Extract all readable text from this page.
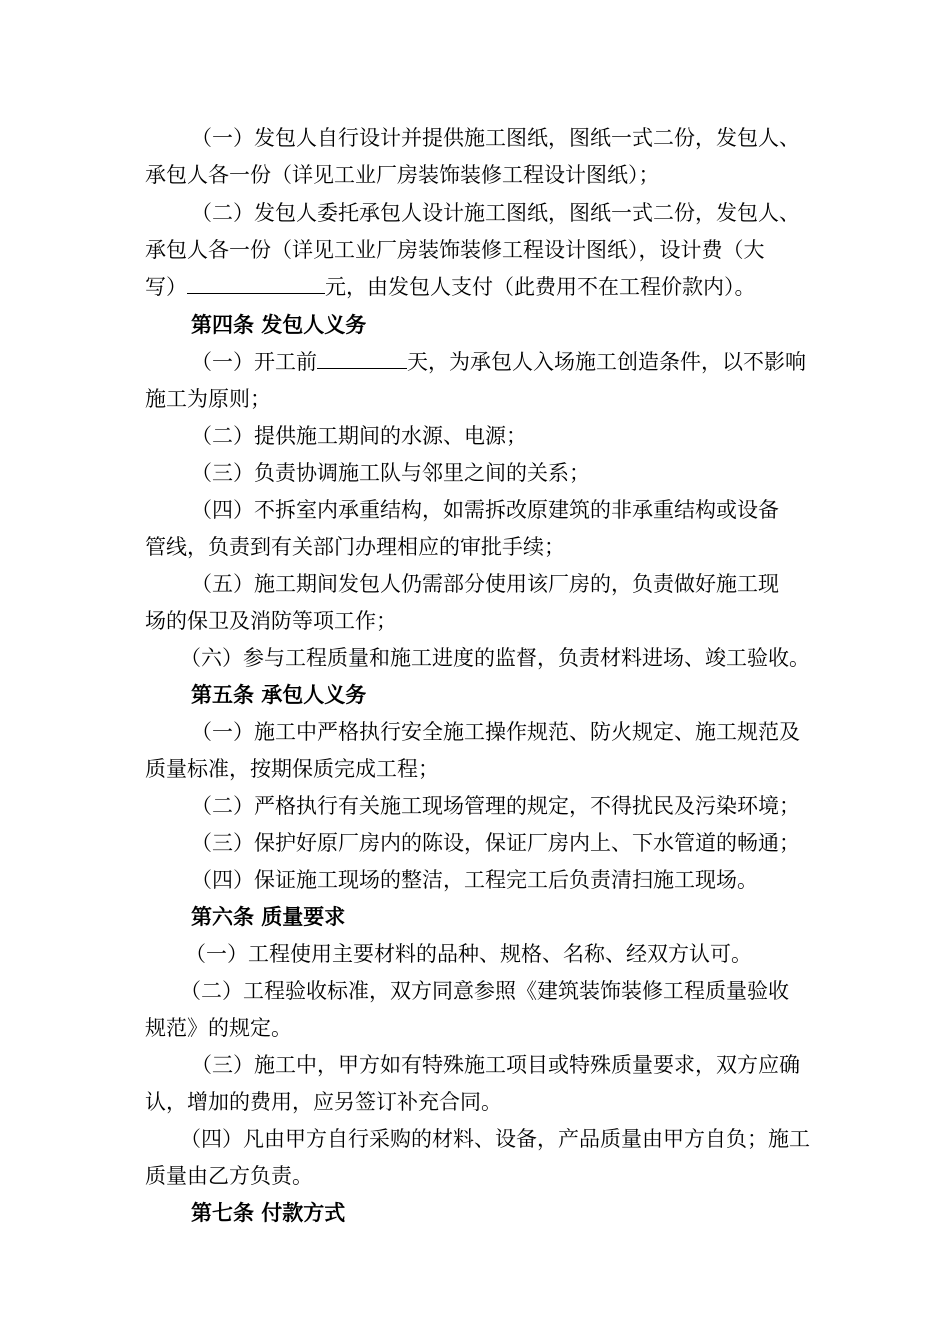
（一）发包人自行设计并提供施工图纸，图纸一式二份，发包人、

承包人各一份（详见工业厂房装饰装修工程设计图纸）；

（二）发包人委托承包人设计施工图纸，图纸一式二份，发包人、

承包人各一份（详见工业厂房装饰装修工程设计图纸），设计费（大

写）	元，由发包人支付（此费用不在工程价款内）。

第四条 发包人义务

（一）开工前	天，为承包人入场施工创造条件，以不影响

施工为原则；

（二）提供施工期间的水源、电源；

（三）负责协调施工队与邻里之间的关系；

（四）不拆室内承重结构，如需拆改原建筑的非承重结构或设备

管线，负责到有关部门办理相应的审批手续；

（五）施工期间发包人仍需部分使用该厂房的，负责做好施工现

场的保卫及消防等项工作；

（六）参与工程质量和施工进度的监督，负责材料进场、竣工验收。

第五条 承包人义务

（一）施工中严格执行安全施工操作规范、防火规定、施工规范及

质量标准，按期保质完成工程；

（二）严格执行有关施工现场管理的规定，不得扰民及污染环境；

（三）保护好原厂房内的陈设，保证厂房内上、下水管道的畅通；

（四）保证施工现场的整洁，工程完工后负责清扫施工现场。

第六条 质量要求

（一）工程使用主要材料的品种、规格、名称、经双方认可。

（二）工程验收标准，双方同意参照《建筑装饰装修工程质量验收

规范》的规定。

（三）施工中，甲方如有特殊施工项目或特殊质量要求，双方应确

认，增加的费用，应另签订补充合同。

（四）凡由甲方自行采购的材料、设备，产品质量由甲方自负；施工

质量由乙方负责。

第七条 付款方式
